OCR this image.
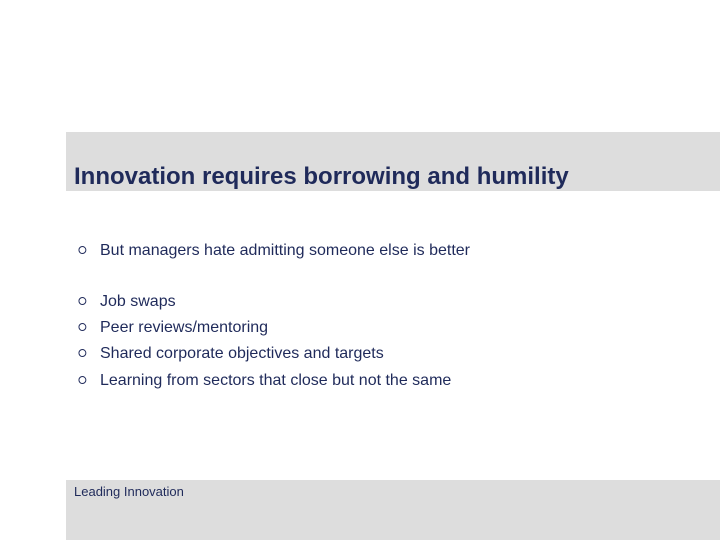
Innovation requires borrowing and humility
⭘ But managers hate admitting someone else is better
⭘ Job swaps
⭘ Peer reviews/mentoring
⭘ Shared corporate objectives and targets
⭘ Learning from sectors that close but not the same
Leading Innovation
